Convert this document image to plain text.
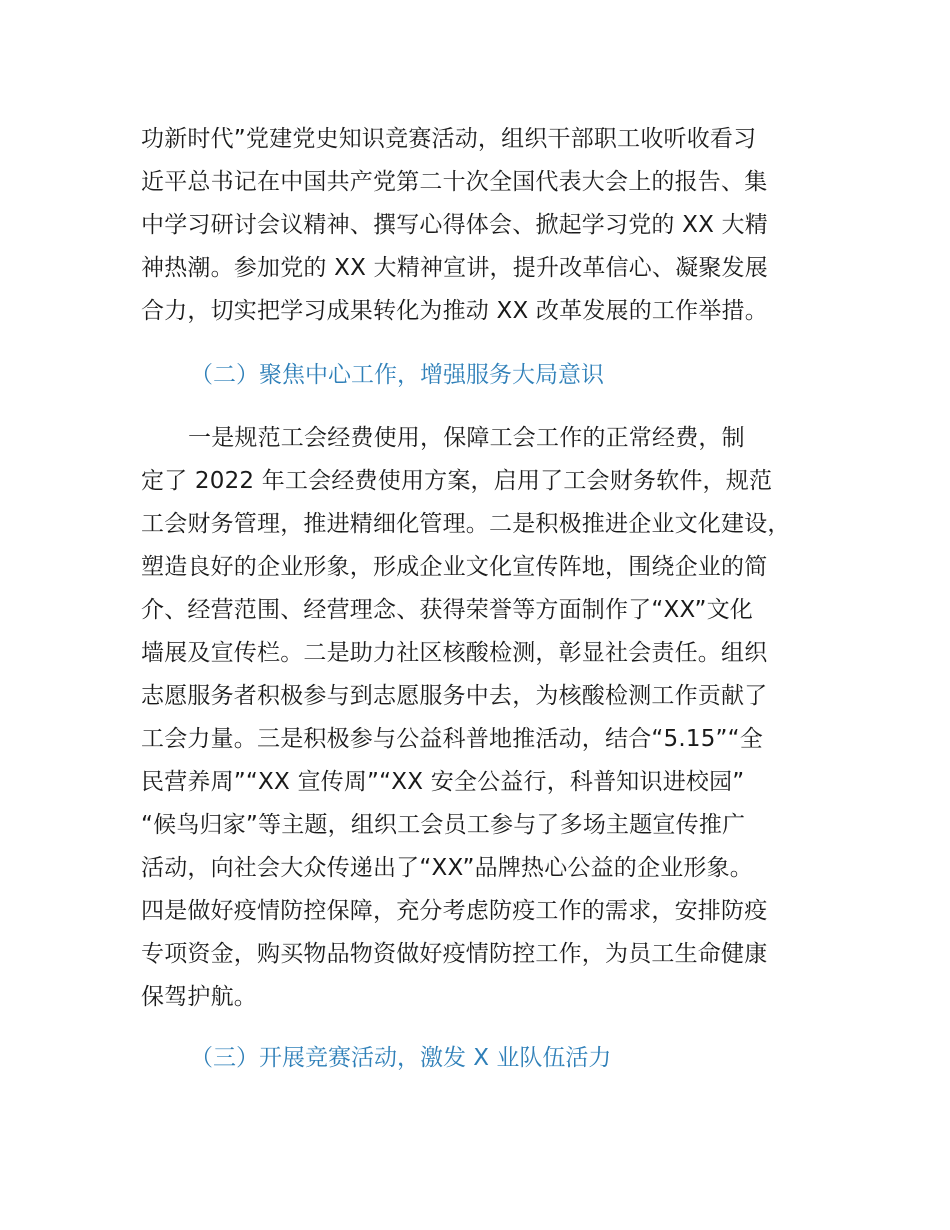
功新时代”党建党史知识竞赛活动，组织干部职工收听收看习
近平总书记在中国共产党第二十次全国代表大会上的报告、集
中学习研讨会议精神、撰写心得体会、掀起学习党的 XX 大精
神热潮。参加党的 XX 大精神宣讲，提升改革信心、凝聚发展
合力，切实把学习成果转化为推动 XX 改革发展的工作举措。
（二）聚焦中心工作，增强服务大局意识
一是规范工会经费使用，保障工会工作的正常经费，制
定了 2022 年工会经费使用方案，启用了工会财务软件，规范
工会财务管理，推进精细化管理。二是积极推进企业文化建设，
塑造良好的企业形象，形成企业文化宣传阵地，围绕企业的简
介、经营范围、经营理念、获得荣誉等方面制作了“XX”文化
墙展及宣传栏。二是助力社区核酸检测，彰显社会责任。组织
志愿服务者积极参与到志愿服务中去，为核酸检测工作贡献了
工会力量。三是积极参与公益科普地推活动，结合“5.15”“全
民营养周”“XX 宣传周”“XX 安全公益行，科普知识进校园”
“候鸟归家”等主题，组织工会员工参与了多场主题宣传推广
活动，向社会大众传递出了“XX”品牌热心公益的企业形象。
四是做好疫情防控保障，充分考虑防疫工作的需求，安排防疫
专项资金，购买物品物资做好疫情防控工作，为员工生命健康
保驾护航。
（三）开展竞赛活动，激发 X 业队伍活力
